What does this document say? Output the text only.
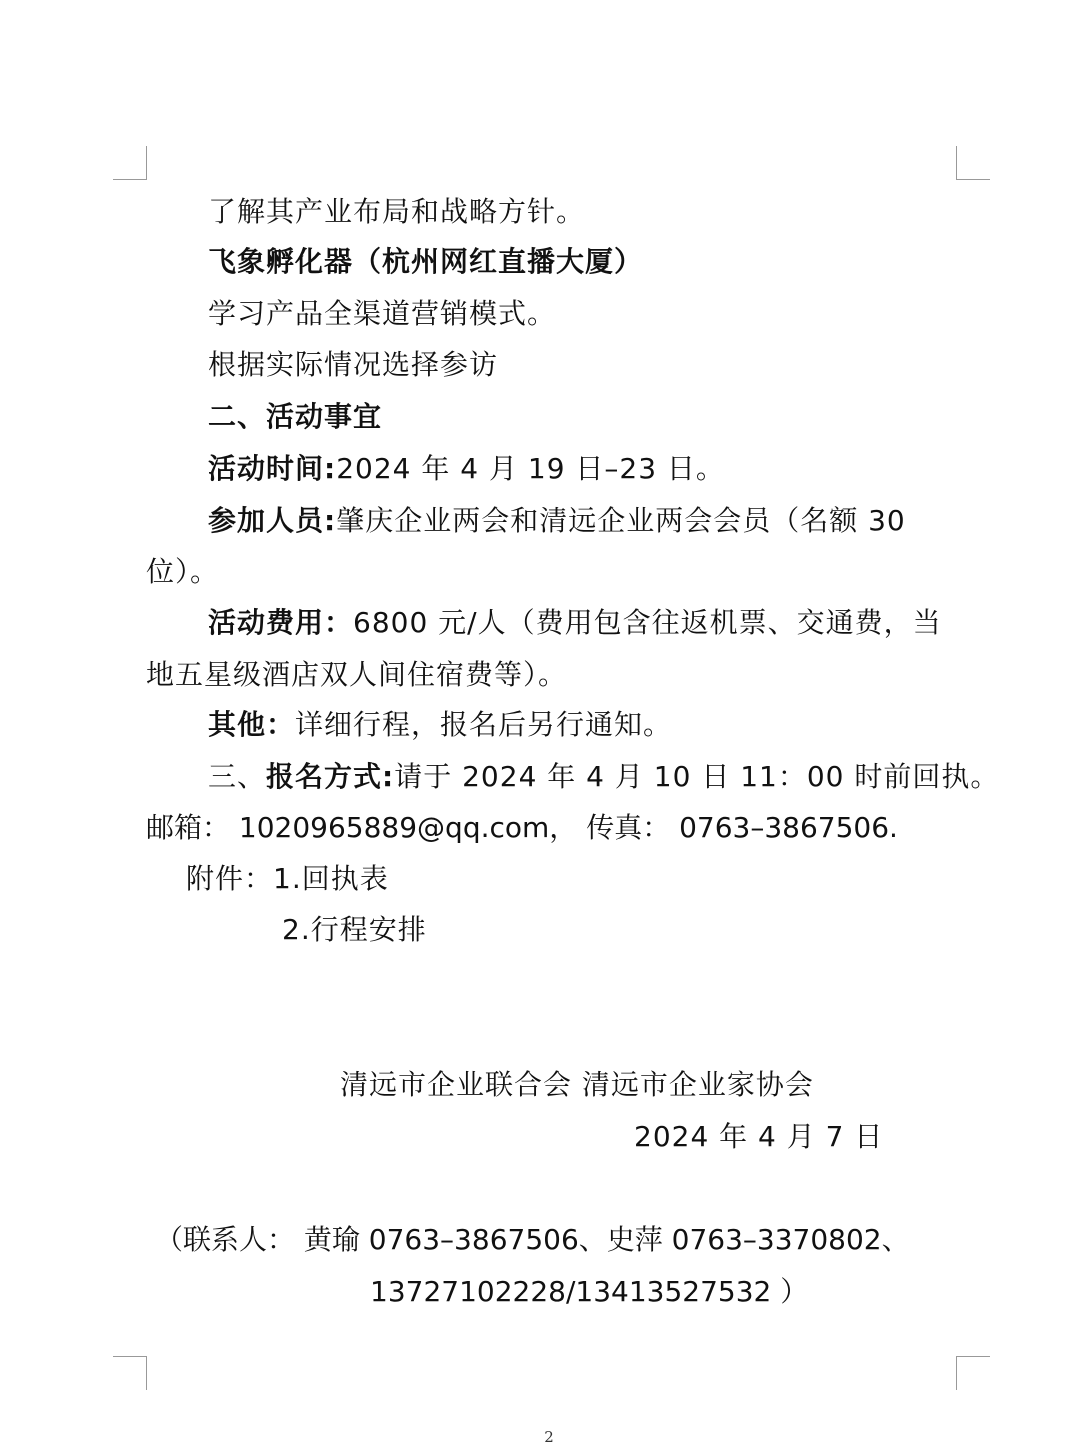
了解其产业布局和战略方针。
飞象孵化器（杭州网红直播大厦）
学习产品全渠道营销模式。
根据实际情况选择参访
二、活动事宜
活动时间:2024 年 4 月 19 日–23 日。
参加人员:肇庆企业两会和清远企业两会会员（名额 30
位）。
活动费用：6800 元/人（费用包含往返机票、交通费，当
地五星级酒店双人间住宿费等）。
其他：详细行程，报名后另行通知。
三、报名方式:请于 2024 年 4 月 10 日 11：00 时前回执。
邮箱： 1020965889@qq.com， 传真： 0763–3867506.
附件：1.回执表
2.行程安排
清远市企业联合会 清远市企业家协会
2024 年 4 月 7 日
（联系人： 黄瑜 0763–3867506、史萍 0763–3370802、
13727102228/13413527532 ）
2
